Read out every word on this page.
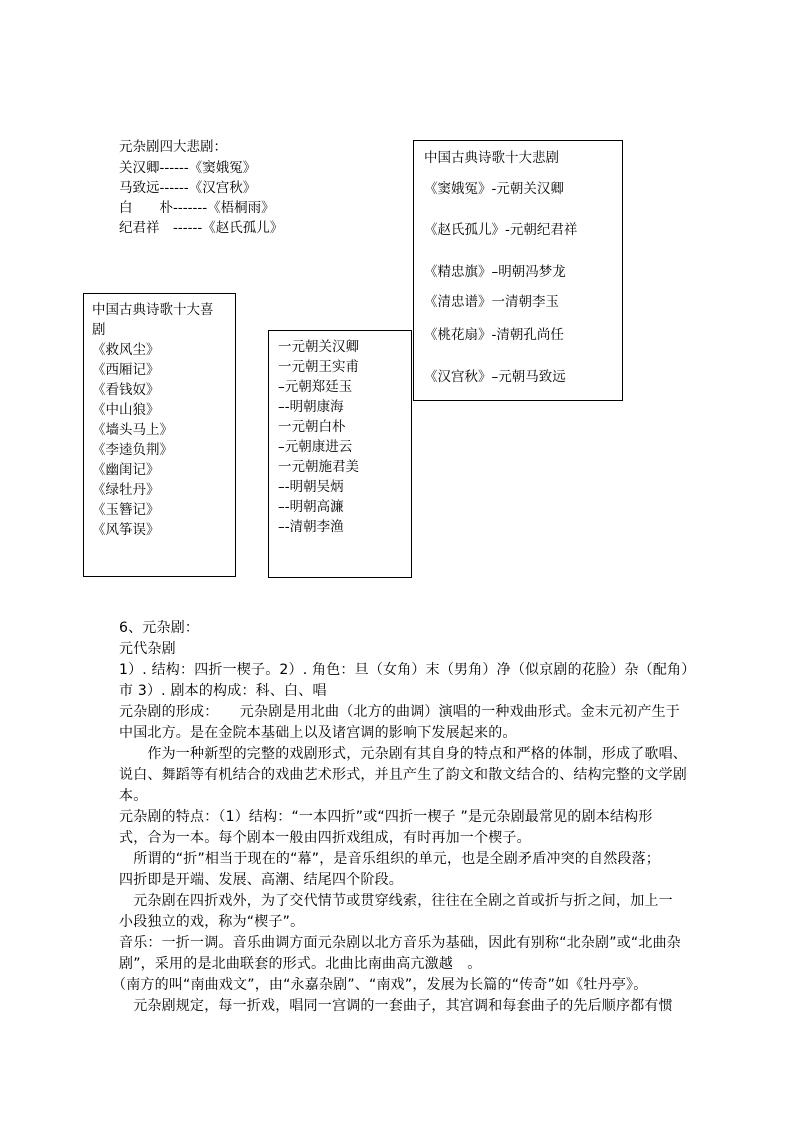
元杂剧四大悲剧：
关汉卿------《窦娥冤》
马致远------《汉宫秋》
白　　朴-------《梧桐雨》
纪君祥　------《赵氏孤儿》
中国古典诗歌十大悲剧
《窦娥冤》-元朝关汉卿
《赵氏孤儿》-元朝纪君祥
《精忠旗》–明朝冯梦龙
《清忠谱》一清朝李玉
《桃花扇》-清朝孔尚任
《汉宫秋》–元朝马致远
中国古典诗歌十大喜
剧
《救风尘》
《西厢记》
《看钱奴》
《中山狼》
《墙头马上》
《李逵负荆》
《幽闺记》
《绿牡丹》
《玉簪记》
《风筝误》
一元朝关汉卿
一元朝王实甫
–元朝郑廷玉
–-明朝康海
一元朝白朴
–元朝康进云
一元朝施君美
–-明朝吴炳
–-明朝高濂
–-清朝李渔
6、元杂剧：
元代杂剧
1）. 结构：四折一楔子。2）. 角色：旦（女角）末（男角）净（似京剧的花脸）杂（配角）
市 3）. 剧本的构成：科、白、唱
元杂剧的形成：　　元杂剧是用北曲（北方的曲调）演唱的一种戏曲形式。金末元初产生于
中国北方。是在金院本基础上以及诸宫调的影响下发展起来的。
　　作为一种新型的完整的戏剧形式，元杂剧有其自身的特点和严格的体制，形成了歌唱、
说白、舞蹈等有机结合的戏曲艺术形式，并且产生了韵文和散文结合的、结构完整的文学剧
本。
元杂剧的特点：（1）结构：“一本四折”或“四折一楔子 ”是元杂剧最常见的剧本结构形
式，合为一本。每个剧本一般由四折戏组成，有时再加一个楔子。
　所谓的“折”相当于现在的“幕”，是音乐组织的单元，也是全剧矛盾冲突的自然段落；
四折即是开端、发展、高潮、结尾四个阶段。
　元杂剧在四折戏外，为了交代情节或贯穿线索，往往在全剧之首或折与折之间，加上一
小段独立的戏，称为“楔子”。
音乐：一折一调。音乐曲调方面元杂剧以北方音乐为基础，因此有别称“北杂剧”或“北曲杂
剧”，采用的是北曲联套的形式。北曲比南曲高亢激越　。
（南方的叫“南曲戏文”，由“永嘉杂剧”、“南戏”，发展为长篇的“传奇”如《牡丹亭》。
　元杂剧规定，每一折戏，唱同一宫调的一套曲子，其宫调和每套曲子的先后顺序都有惯
